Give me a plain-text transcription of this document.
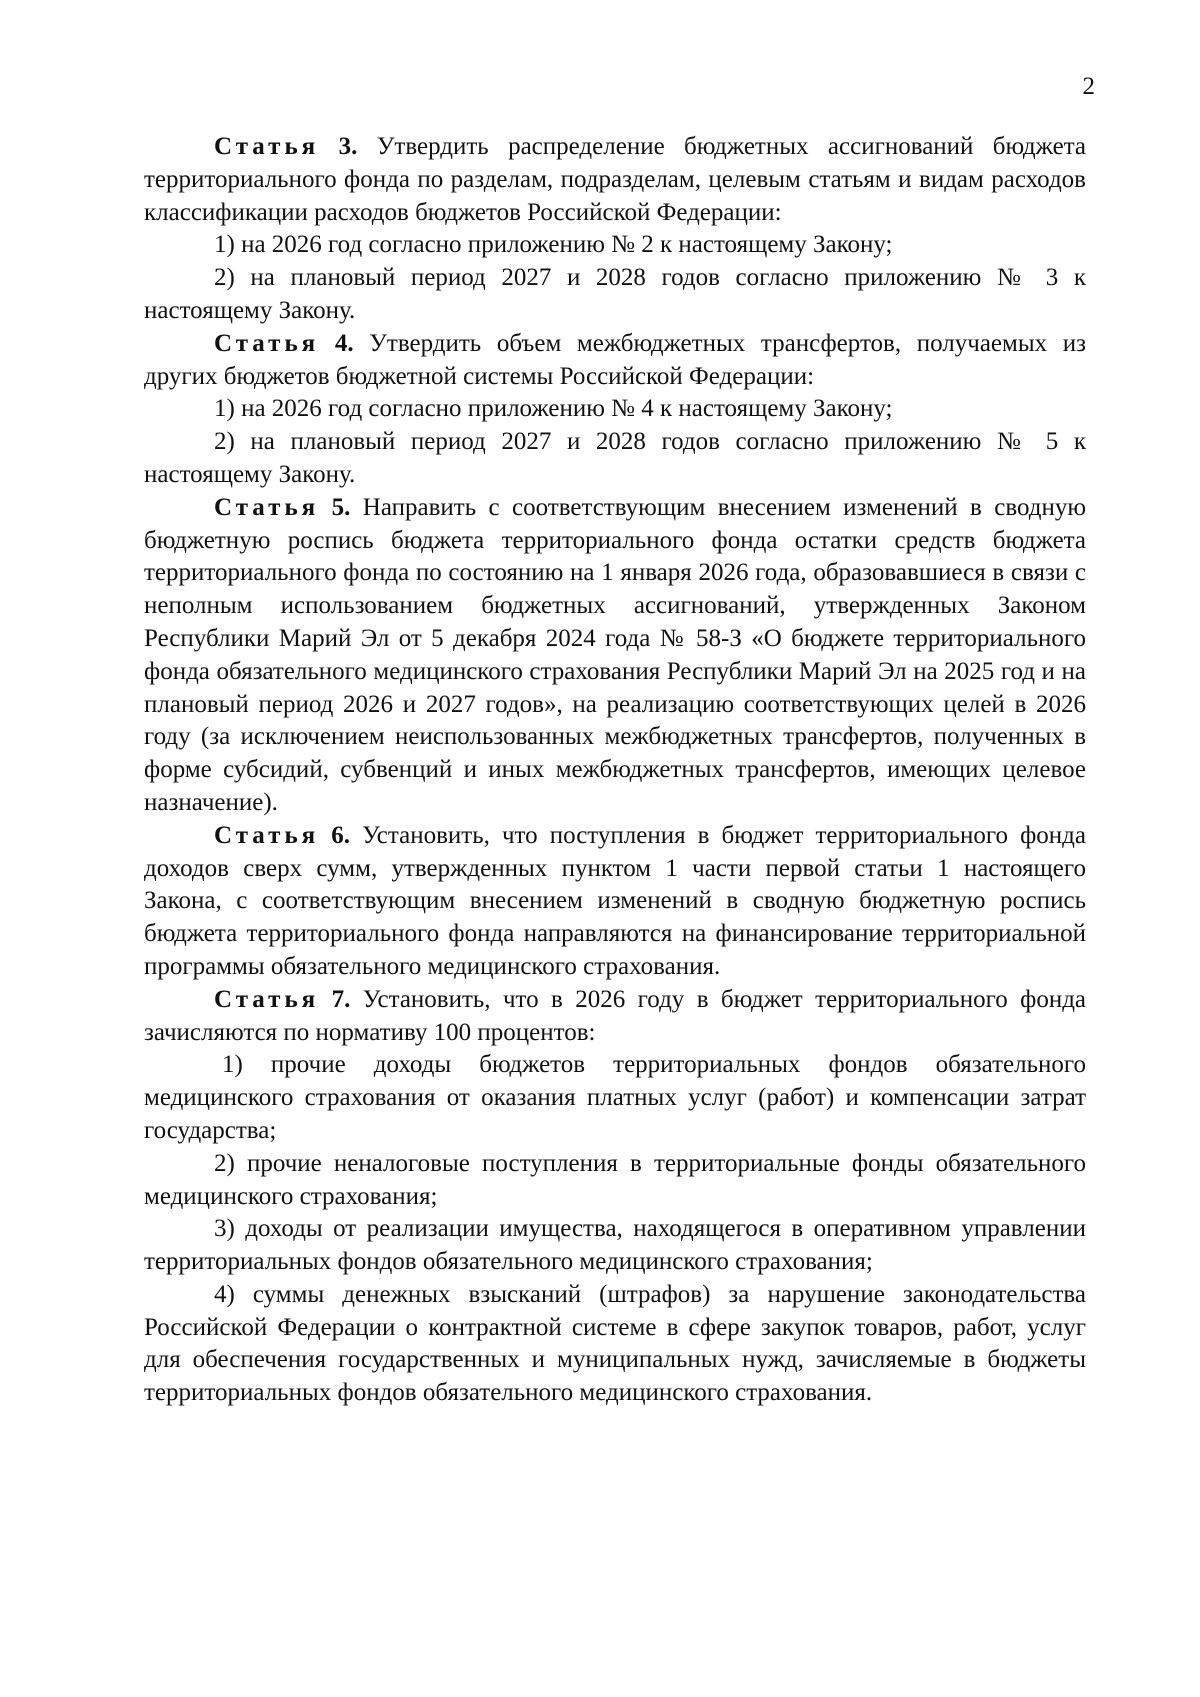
2

Статья 3. Утвердить распределение бюджетных ассигнований бюджета территориального фонда по разделам, подразделам, целевым статьям и видам расходов классификации расходов бюджетов Российской Федерации:

1) на 2026 год согласно приложению № 2 к настоящему Закону;

2) на плановый период 2027 и 2028 годов согласно приложению № 3 к настоящему Закону.

Статья 4. Утвердить объем межбюджетных трансфертов, получаемых из других бюджетов бюджетной системы Российской Федерации:

1) на 2026 год согласно приложению № 4 к настоящему Закону;

2) на плановый период 2027 и 2028 годов согласно приложению № 5 к настоящему Закону.

Статья 5. Направить с соответствующим внесением изменений в сводную бюджетную роспись бюджета территориального фонда остатки средств бюджета территориального фонда по состоянию на 1 января 2026 года, образовавшиеся в связи с неполным использованием бюджетных ассигнований, утвержденных Законом Республики Марий Эл от 5 декабря 2024 года № 58-З «О бюджете территориального фонда обязательного медицинского страхования Республики Марий Эл на 2025 год и на плановый период 2026 и 2027 годов», на реализацию соответствующих целей в 2026 году (за исключением неиспользованных межбюджетных трансфертов, полученных в форме субсидий, субвенций и иных межбюджетных трансфертов, имеющих целевое назначение).

Статья 6. Установить, что поступления в бюджет территориального фонда доходов сверх сумм, утвержденных пунктом 1 части первой статьи 1 настоящего Закона, с соответствующим внесением изменений в сводную бюджетную роспись бюджета территориального фонда направляются на финансирование территориальной программы обязательного медицинского страхования.

Статья 7. Установить, что в 2026 году в бюджет территориального фонда зачисляются по нормативу 100 процентов:

1) прочие доходы бюджетов территориальных фондов обязательного медицинского страхования от оказания платных услуг (работ) и компенсации затрат государства;

2) прочие неналоговые поступления в территориальные фонды обязательного медицинского страхования;

3) доходы от реализации имущества, находящегося в оперативном управлении территориальных фондов обязательного медицинского страхования;

4) суммы денежных взысканий (штрафов) за нарушение законодательства Российской Федерации о контрактной системе в сфере закупок товаров, работ, услуг для обеспечения государственных и муниципальных нужд, зачисляемые в бюджеты территориальных фондов обязательного медицинского страхования.
